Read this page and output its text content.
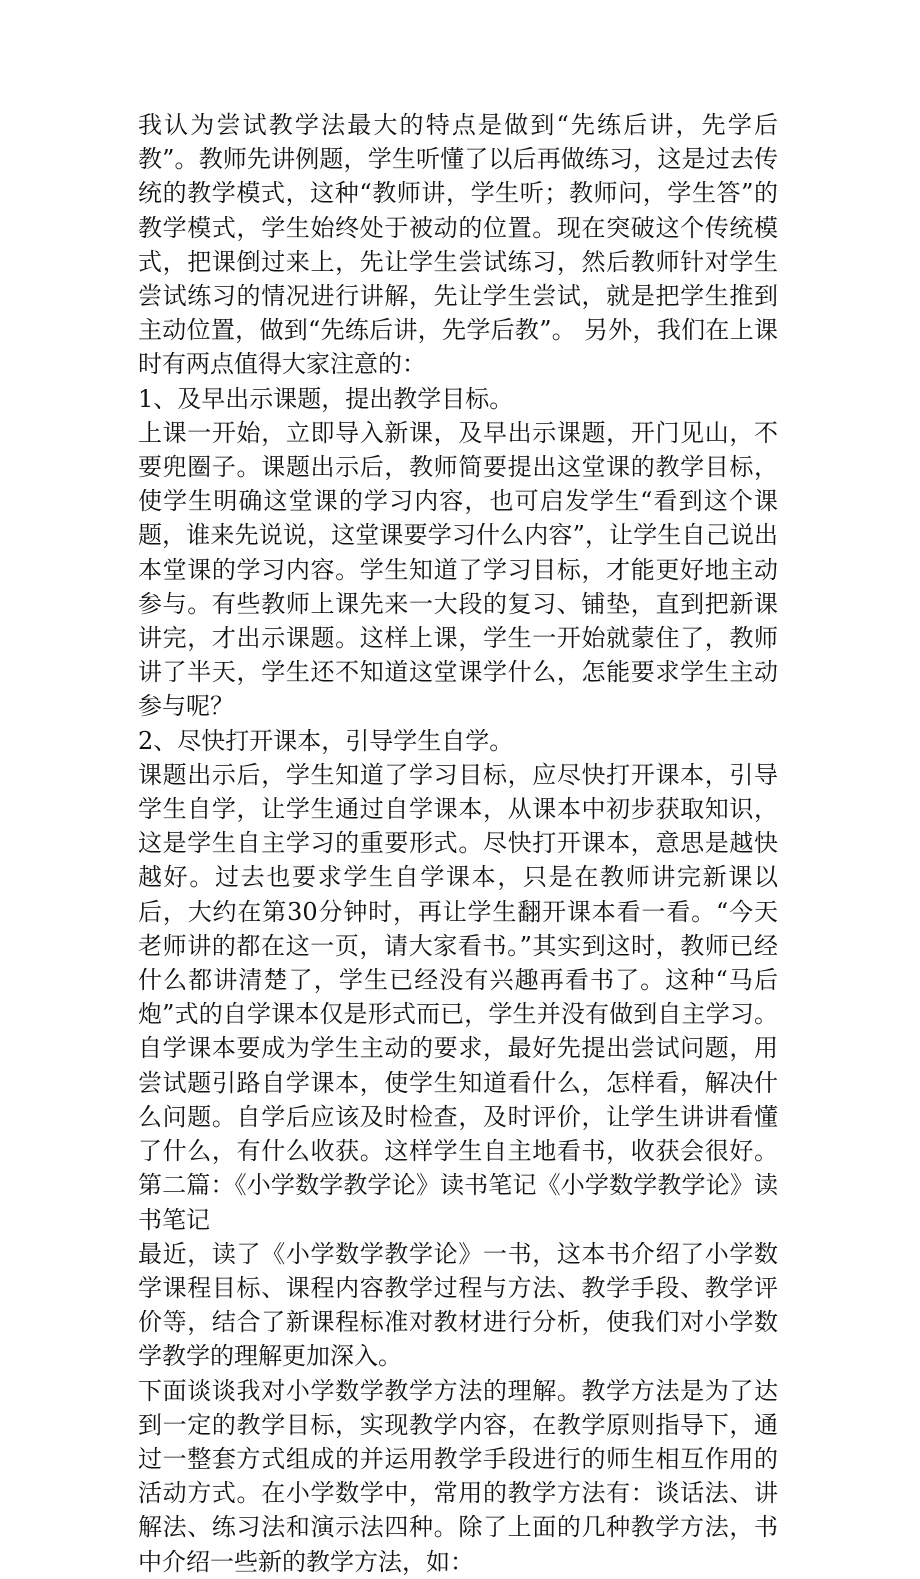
我认为尝试教学法最大的特点是做到“先练后讲，先学后教”。教师先讲例题，学生听懂了以后再做练习，这是过去传统的教学模式，这种“教师讲，学生听；教师问，学生答”的教学模式，学生始终处于被动的位置。现在突破这个传统模式，把课倒过来上，先让学生尝试练习，然后教师针对学生尝试练习的情况进行讲解，先让学生尝试，就是把学生推到主动位置，做到“先练后讲，先学后教”。 另外，我们在上课时有两点值得大家注意的：

1、及早出示课题，提出教学目标。

上课一开始，立即导入新课，及早出示课题，开门见山，不要兜圈子。课题出示后，教师简要提出这堂课的教学目标，使学生明确这堂课的学习内容，也可启发学生“看到这个课题，谁来先说说，这堂课要学习什么内容”，让学生自己说出本堂课的学习内容。学生知道了学习目标，才能更好地主动参与。有些教师上课先来一大段的复习、铺垫，直到把新课讲完，才出示课题。这样上课，学生一开始就蒙住了，教师讲了半天，学生还不知道这堂课学什么，怎能要求学生主动参与呢？

2、尽快打开课本，引导学生自学。

课题出示后，学生知道了学习目标，应尽快打开课本，引导学生自学，让学生通过自学课本，从课本中初步获取知识，这是学生自主学习的重要形式。尽快打开课本，意思是越快越好。过去也要求学生自学课本，只是在教师讲完新课以后，大约在第30分钟时，再让学生翻开课本看一看。“今天老师讲的都在这一页，请大家看书。”其实到这时，教师已经什么都讲清楚了，学生已经没有兴趣再看书了。这种“马后炮”式的自学课本仅是形式而已，学生并没有做到自主学习。自学课本要成为学生主动的要求，最好先提出尝试问题，用尝试题引路自学课本，使学生知道看什么，怎样看，解决什么问题。自学后应该及时检查，及时评价，让学生讲讲看懂了什么，有什么收获。这样学生自主地看书，收获会很好。第二篇：《小学数学教学论》读书笔记《小学数学教学论》读书笔记

最近，读了《小学数学教学论》一书，这本书介绍了小学数学课程目标、课程内容教学过程与方法、教学手段、教学评价等，结合了新课程标准对教材进行分析，使我们对小学数学教学的理解更加深入。

下面谈谈我对小学数学教学方法的理解。教学方法是为了达到一定的教学目标，实现教学内容，在教学原则指导下，通过一整套方式组成的并运用教学手段进行的师生相互作用的活动方式。在小学数学中，常用的教学方法有：谈话法、讲解法、练习法和演示法四种。除了上面的几种教学方法，书中介绍一些新的教学方法，如：
